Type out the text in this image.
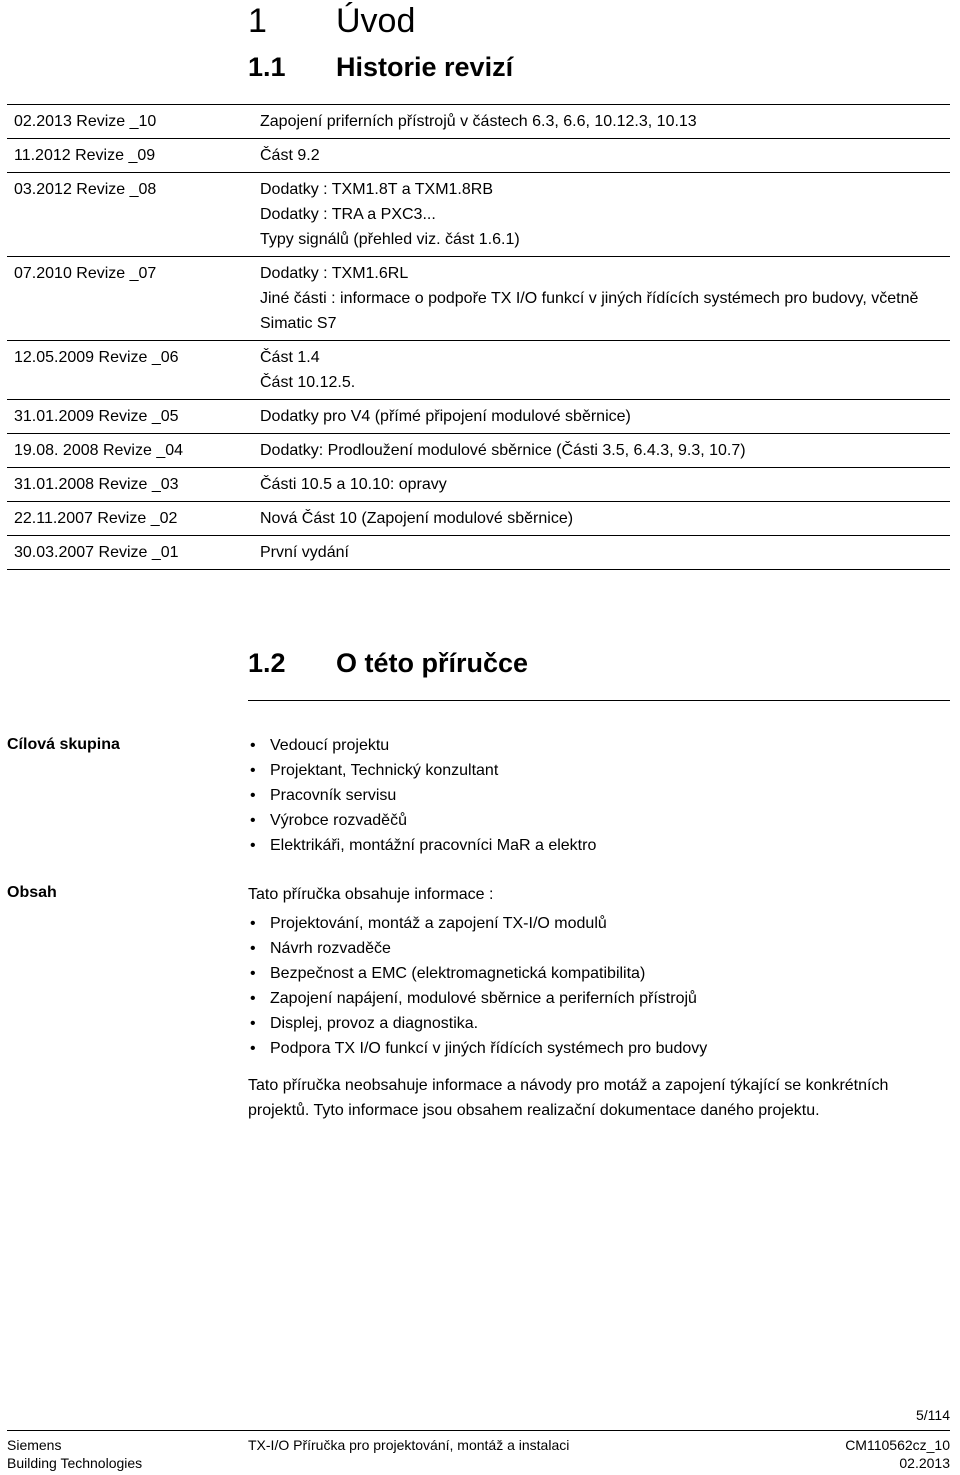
1 Úvod
1.1 Historie revizí
02.2013 Revize _10	Zapojení priferních přístrojů v částech 6.3, 6.6, 10.12.3, 10.13
11.2012 Revize _09	Část 9.2
03.2012 Revize _08	Dodatky : TXM1.8T a TXM1.8RB
Dodatky : TRA a PXC3...
Typy signálů (přehled viz. část 1.6.1)
07.2010 Revize _07	Dodatky : TXM1.6RL
Jiné části : informace o podpoře TX I/O funkcí v jiných řídících systémech pro budovy, včetně Simatic S7
12.05.2009 Revize _06	Část 1.4
Část 10.12.5.
31.01.2009 Revize _05	Dodatky pro V4 (přímé připojení modulové sběrnice)
19.08. 2008 Revize _04	Dodatky: Prodloužení modulové sběrnice (Části 3.5, 6.4.3, 9.3, 10.7)
31.01.2008 Revize _03	Části 10.5 a 10.10: opravy
22.11.2007 Revize _02	Nová Část 10 (Zapojení modulové sběrnice)
30.03.2007 Revize _01	První vydání
1.2 O této příručce
Cílová skupina
•	Vedoucí projektu
• Projektant, Technický konzultant
• Pracovník servisu
• Výrobce rozvaděčů
• Elektrikáři, montážní pracovníci MaR a elektro
Obsah	Tato příručka obsahuje informace :
• Projektování, montáž a zapojení TX-I/O modulů
• Návrh rozvaděče
• Bezpečnost a EMC (elektromagnetická kompatibilita)
• Zapojení napájení, modulové sběrnice a periferních přístrojů
• Displej, provoz a diagnostika.
• Podpora TX I/O funkcí v jiných řídících systémech pro budovy
Tato příručka neobsahuje informace a návody pro motáž a zapojení týkající se konkrétních projektů. Tyto informace jsou obsahem realizační dokumentace daného projektu.
5/114
Siemens
Building Technologies
TX-I/O Příručka pro projektování, montáž a instalaci	CM110562cz_10
02.2013
